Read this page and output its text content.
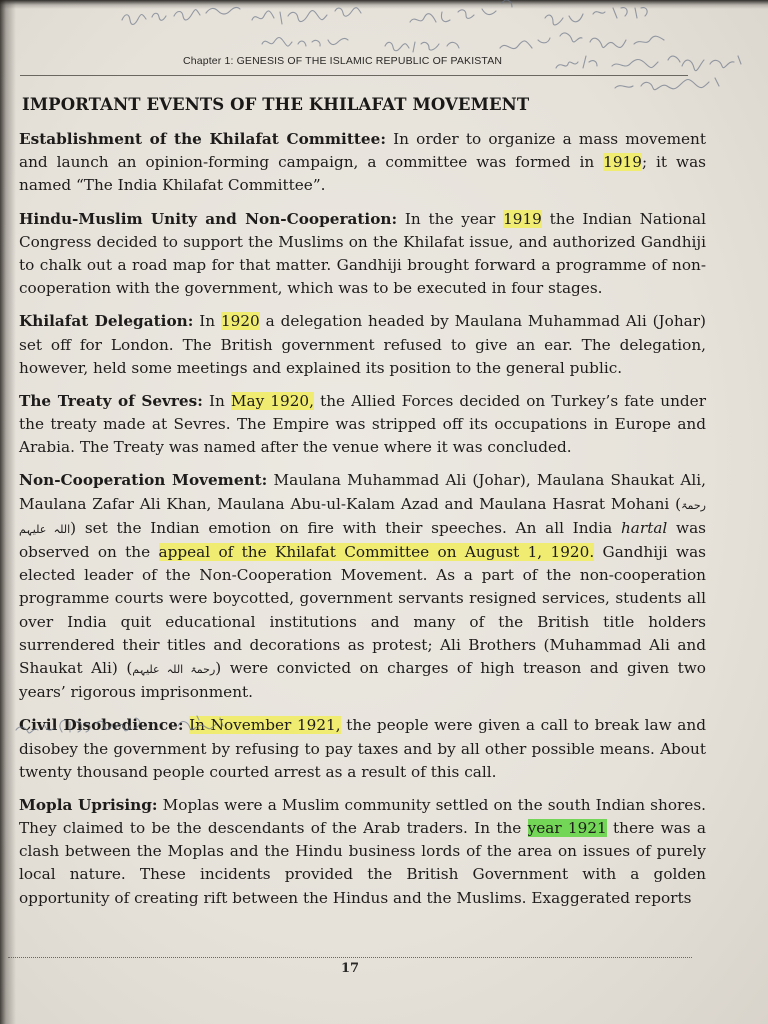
Chapter 1: GENESIS OF THE ISLAMIC REPUBLIC OF PAKISTAN
IMPORTANT EVENTS OF THE KHILAFAT MOVEMENT

Establishment of the Khilafat Committee: In order to organize a mass movement and launch an opinion-forming campaign, a committee was formed in 1919; it was named “The India Khilafat Committee”.

Hindu-Muslim Unity and Non-Cooperation: In the year 1919 the Indian National Congress decided to support the Muslims on the Khilafat issue, and authorized Gandhiji to chalk out a road map for that matter. Gandhiji brought forward a programme of non-cooperation with the government, which was to be executed in four stages.

Khilafat Delegation: In 1920 a delegation headed by Maulana Muhammad Ali (Johar) set off for London. The British government refused to give an ear. The delegation, however, held some meetings and explained its position to the general public.

The Treaty of Sevres: In May 1920, the Allied Forces decided on Turkey’s fate under the treaty made at Sevres. The Empire was stripped off its occupations in Europe and Arabia. The Treaty was named after the venue where it was concluded.

Non-Cooperation Movement: Maulana Muhammad Ali (Johar), Maulana Shaukat Ali, Maulana Zafar Ali Khan, Maulana Abu-ul-Kalam Azad and Maulana Hasrat Mohani (رحمۃ اللہ علیہم) set the Indian emotion on fire with their speeches. An all India hartal was observed on the appeal of the Khilafat Committee on August 1, 1920. Gandhiji was elected leader of the Non-Cooperation Movement. As a part of the non-cooperation programme courts were boycotted, government servants resigned services, students all over India quit educational institutions and many of the British title holders surrendered their titles and decorations as protest; Ali Brothers (Muhammad Ali and Shaukat Ali) (رحمۃ اللہ علیہم) were convicted on charges of high treason and given two years’ rigorous imprisonment.

Civil Disobedience: In November 1921, the people were given a call to break law and disobey the government by refusing to pay taxes and by all other possible means. About twenty thousand people courted arrest as a result of this call.

Mopla Uprising: Moplas were a Muslim community settled on the south Indian shores. They claimed to be the descendants of the Arab traders. In the year 1921 there was a clash between the Moplas and the Hindu business lords of the area on issues of purely local nature. These incidents provided the British Government with a golden opportunity of creating rift between the Hindus and the Muslims. Exaggerated reports

17
